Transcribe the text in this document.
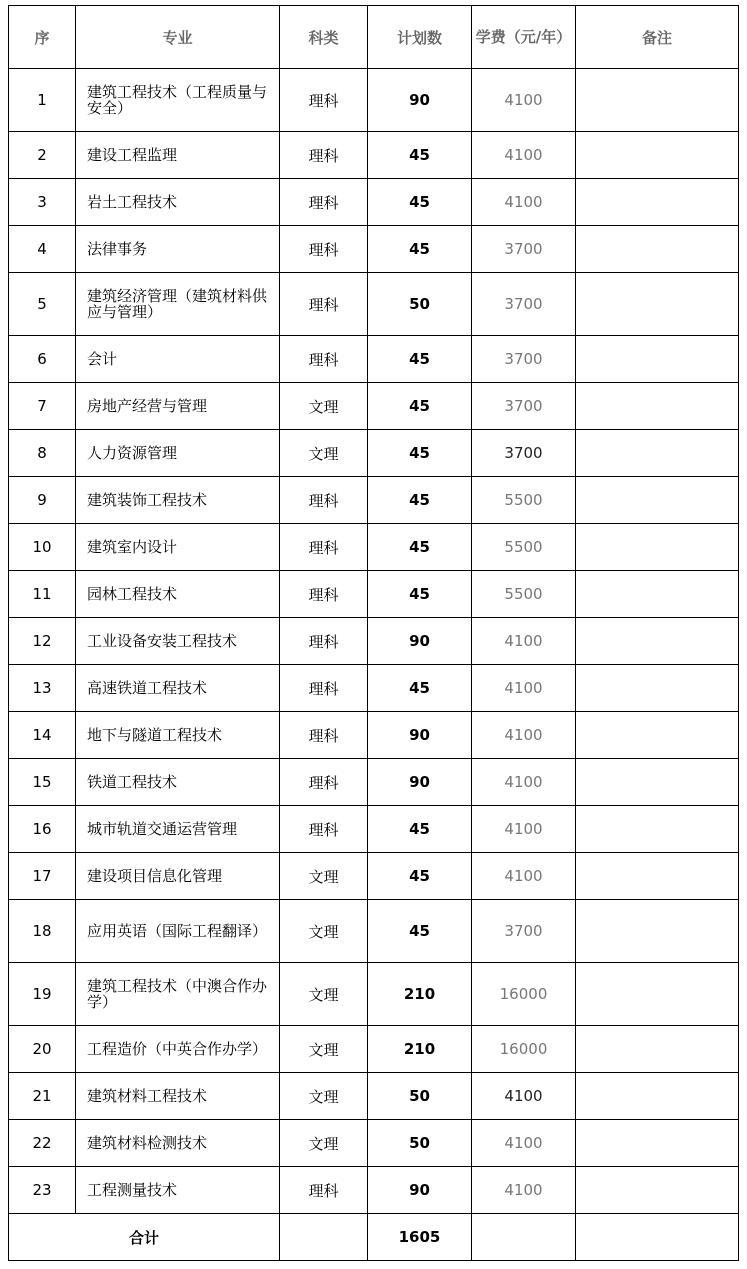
序	专业	科类	计划数	学费（元/年）	备注
1	建筑工程技术（工程质量与安全）	理科	90	4100	
2	建设工程监理	理科	45	4100	
3	岩土工程技术	理科	45	4100	
4	法律事务	理科	45	3700	
5	建筑经济管理（建筑材料供应与管理）	理科	50	3700	
6	会计	理科	45	3700	
7	房地产经营与管理	文理	45	3700	
8	人力资源管理	文理	45	3700	
9	建筑装饰工程技术	理科	45	5500	
10	建筑室内设计	理科	45	5500	
11	园林工程技术	理科	45	5500	
12	工业设备安装工程技术	理科	90	4100	
13	高速铁道工程技术	理科	45	4100	
14	地下与隧道工程技术	理科	90	4100	
15	铁道工程技术	理科	90	4100	
16	城市轨道交通运营管理	理科	45	4100	
17	建设项目信息化管理	文理	45	4100	
18	应用英语（国际工程翻译）	文理	45	3700	
19	建筑工程技术（中澳合作办学）	文理	210	16000	
20	工程造价（中英合作办学）	文理	210	16000	
21	建筑材料工程技术	文理	50	4100	
22	建筑材料检测技术	文理	50	4100	
23	工程测量技术	理科	90	4100	
合计			1605		
